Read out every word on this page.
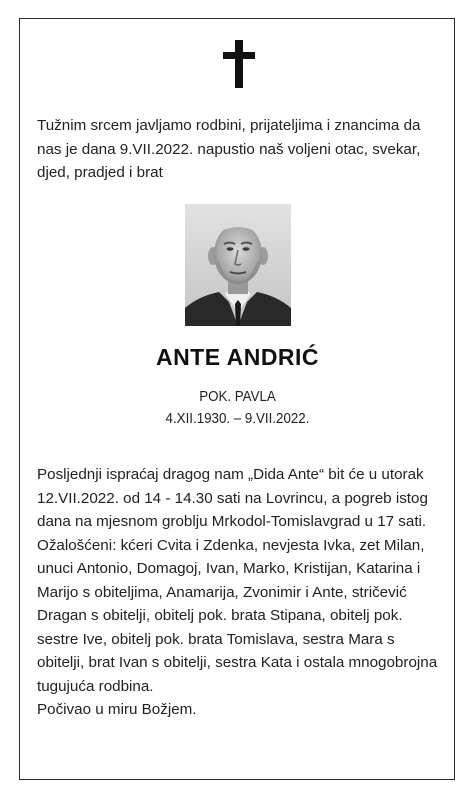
Tužnim srcem javljamo rodbini, prijateljima i znancima da nas je dana 9.VII.2022. napustio naš voljeni otac, svekar, djed, pradjed i brat
ANTE ANDRIĆ
POK. PAVLA
4.XII.1930. – 9.VII.2022.

Posljednji ispraćaj dragog nam „Dida Ante“ bit će u utorak 12.VII.2022. od 14 - 14.30 sati na Lovrincu, a pogreb istog dana na mjesnom groblju Mrkodol-Tomislavgrad u 17 sati.

Ožalošćeni: kćeri Cvita i Zdenka, nevjesta Ivka, zet Milan, unuci Antonio, Domagoj, Ivan, Marko, Kristijan, Katarina i Marijo s obiteljima, Anamarija, Zvonimir i Ante, stričević Dragan s obitelji, obitelj pok. brata Stipana, obitelj pok. sestre Ive, obitelj pok. brata Tomislava, sestra Mara s obitelji, brat Ivan s obitelji, sestra Kata i ostala mnogobrojna tugujuća rodbina.

Počivao u miru Božjem.
